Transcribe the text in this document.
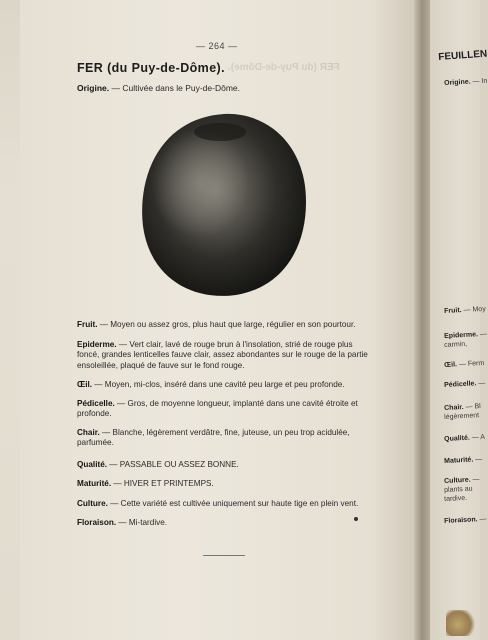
FEUILLEN
Origine. — In
Fruit. — Moy
Epiderme. —
carmin,
Œil. — Ferm
Pédicelle. —
Chair. — Bl
légèrement
Qualité. — A
Maturité. —
Culture. —
plants au
tardive.
Floraison. —
FER (du Puy-de-Dôme).
— 264 —
FER (du Puy-de-Dôme).
Origine. — Cultivée dans le Puy-de-Dôme.
Fruit. — Moyen ou assez gros, plus haut que large, régulier en son pourtour.
Epiderme. — Vert clair, lavé de rouge brun à l'insolation, strié de rouge plus foncé, grandes lenticelles fauve clair, assez abondantes sur le rouge de la partie ensoleillée, plaqué de fauve sur le fond rouge.
Œil. — Moyen, mi-clos, inséré dans une cavité peu large et peu profonde.
Pédicelle. — Gros, de moyenne longueur, implanté dans une cavité étroite et profonde.
Chair. — Blanche, légèrement verdâtre, fine, juteuse, un peu trop acidulée, parfumée.
Qualité. — PASSABLE OU ASSEZ BONNE.
Maturité. — HIVER ET PRINTEMPS.
Culture. — Cette variété est cultivée uniquement sur haute tige en plein vent.
Floraison. — Mi-tardive.
